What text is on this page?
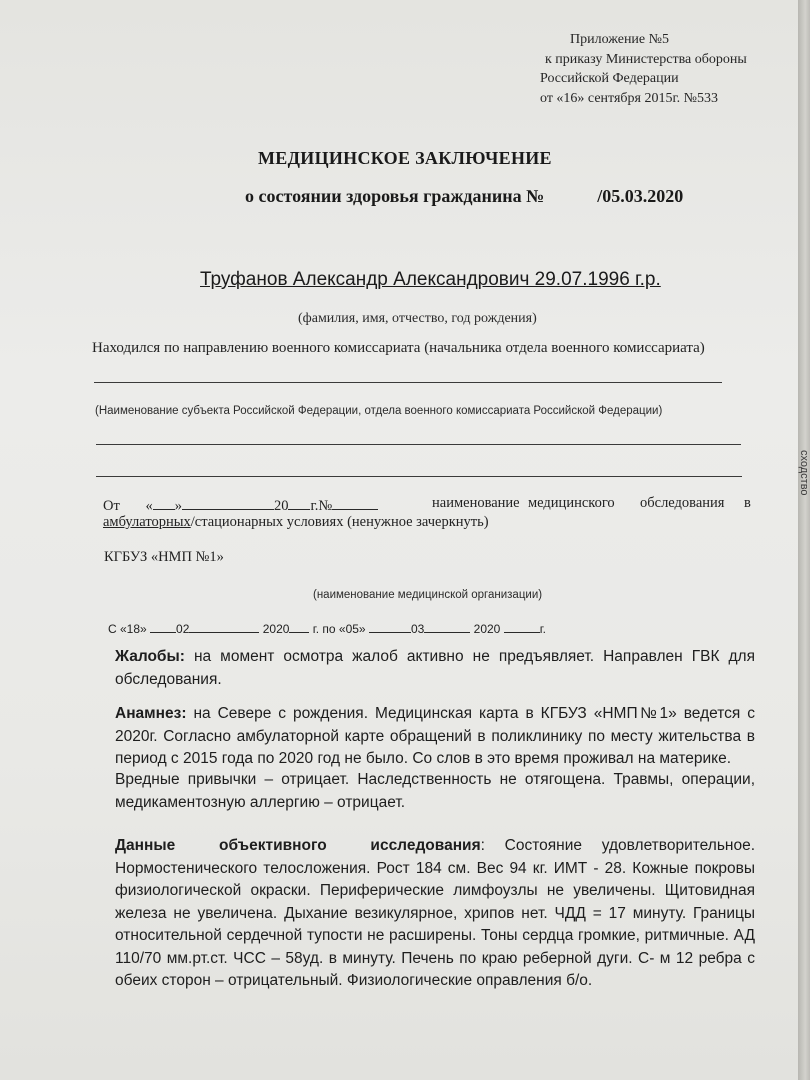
Приложение №5
к приказу Министерства обороны
Российской Федерации
от «16» сентября 2015г. №533
МЕДИЦИНСКОЕ ЗАКЛЮЧЕНИЕ
о состоянии здоровья гражданина №	/05.03.2020
Труфанов Александр Александрович 29.07.1996 г.р.
(фамилия, имя, отчество, год рождения)
Находился по направлению военного комиссариата (начальника отдела военного комиссариата)
(Наименование субъекта Российской Федерации, отдела военного комиссариата Российской Федерации)
От « »	20 г.№	наименование медицинского обследования в
амбулаторных/стационарных условиях (ненужное зачеркнуть)
КГБУЗ «НМП №1»
(наименование медицинской организации)
С «18» 02	2020 г. по «05»	03	2020	г.
Жалобы: на момент осмотра жалоб активно не предъявляет. Направлен ГВК для обследования.
Анамнез: на Севере с рождения. Медицинская карта в КГБУЗ «НМП№1» ведется с 2020г. Согласно амбулаторной карте обращений в поликлинику по месту жительства в период с 2015 года по 2020 год не было. Со слов в это время проживал на материке.
Вредные привычки – отрицает. Наследственность не отягощена. Травмы, операции, медикаментозную аллергию – отрицает.
Данные объективного исследования: Состояние удовлетворительное. Нормостенического телосложения. Рост 184 см. Вес 94 кг. ИМТ - 28. Кожные покровы физиологической окраски. Периферические лимфоузлы не увеличены. Щитовидная железа не увеличена. Дыхание везикулярное, хрипов нет. ЧДД = 17 минуту. Границы относительной сердечной тупости не расширены. Тоны сердца громкие, ритмичные. АД 110/70 мм.рт.ст. ЧСС – 58уд. в минуту. Печень по краю реберной дуги. С- м 12 ребра с обеих сторон – отрицательный. Физиологические оправления б/о.
сходство
